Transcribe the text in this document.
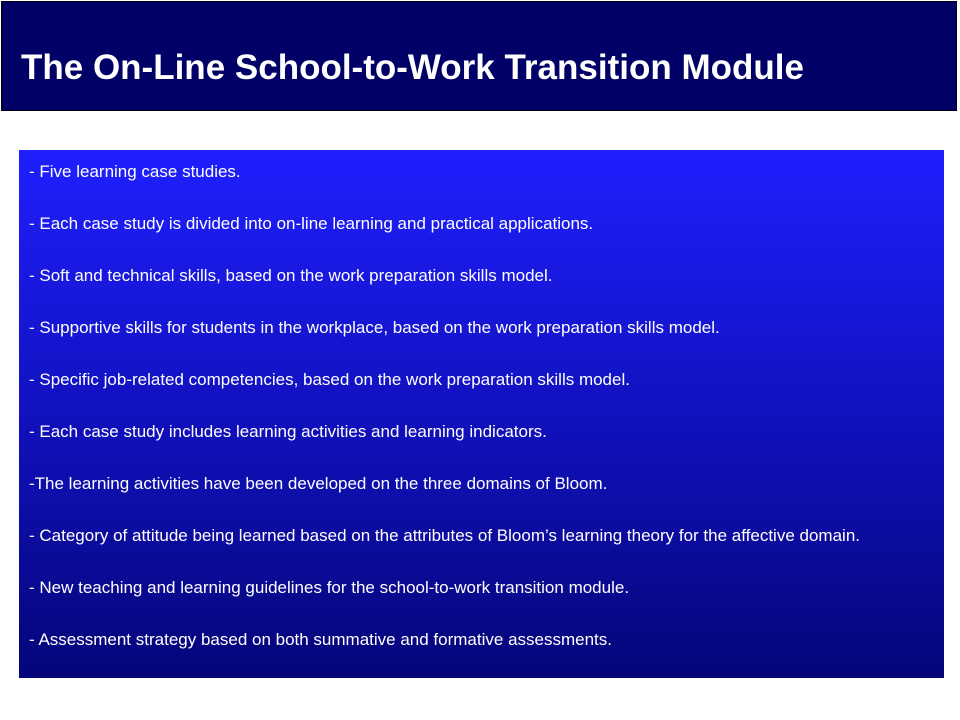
The On-Line School-to-Work Transition Module
- Five learning case studies.
- Each case study is divided into on-line learning and practical applications.
- Soft and technical skills, based on the work preparation skills model.
- Supportive skills for students in the workplace, based on the work preparation skills model.
- Specific job-related competencies, based on the work preparation skills model.
- Each case study includes learning activities and learning indicators.
-The learning activities have been developed on the three domains of Bloom.
- Category of attitude being learned based on the attributes of Bloom’s learning theory for the affective domain.
- New teaching and learning guidelines for the school-to-work transition module.
- Assessment strategy based on both summative and formative assessments.
